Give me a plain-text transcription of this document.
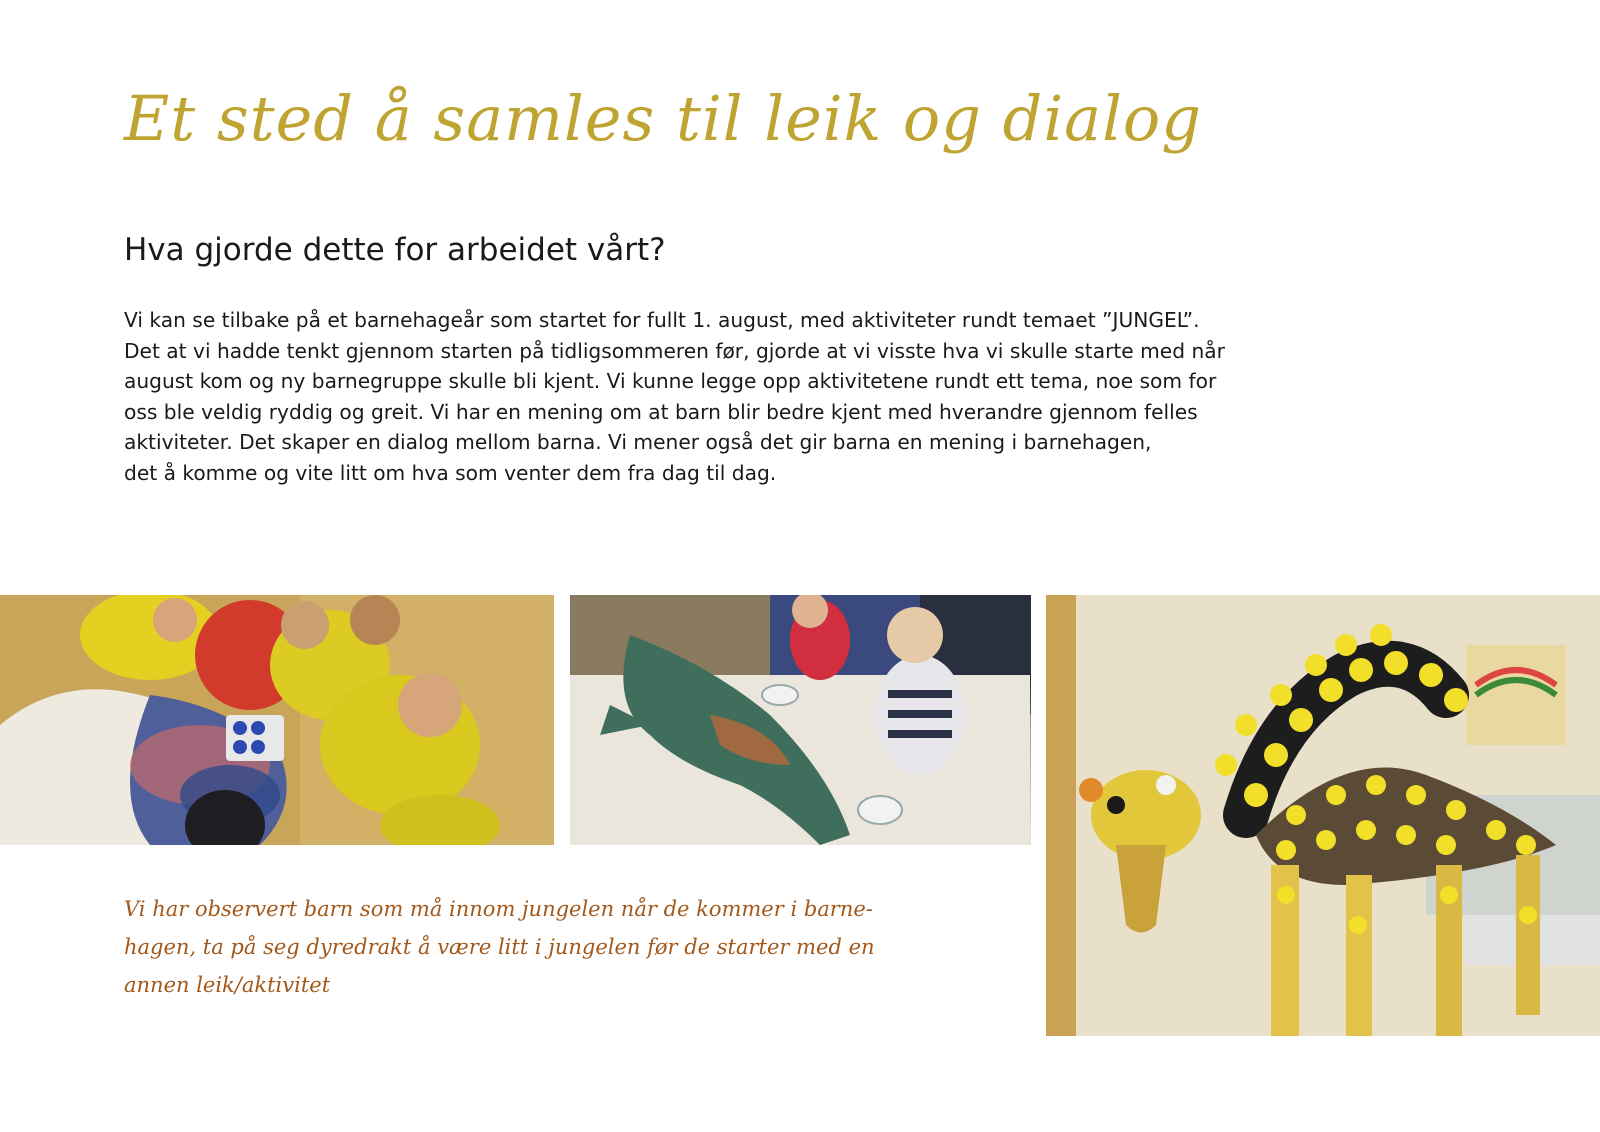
Et sted å samles til leik og dialog
Hva gjorde dette for arbeidet vårt?
Vi kan se tilbake på et barnehageår som startet for fullt 1. august, med aktiviteter rundt temaet ”JUNGEL”.
Det at vi hadde tenkt gjennom starten på tidligsommeren før, gjorde at vi visste hva vi skulle starte med når
august kom og ny barnegruppe skulle bli kjent. Vi kunne legge opp aktivitetene rundt ett tema, noe som for
oss ble veldig ryddig og greit. Vi har en mening om at barn blir bedre kjent med hverandre gjennom felles
aktiviteter. Det skaper en dialog mellom barna. Vi mener også det gir barna en mening i barnehagen,
det å komme og vite litt om hva som venter dem fra dag til dag.
Vi har observert barn som må innom jungelen når de kommer i barne-
hagen, ta på seg dyredrakt å være litt i jungelen før de starter med en
annen leik/aktivitet
